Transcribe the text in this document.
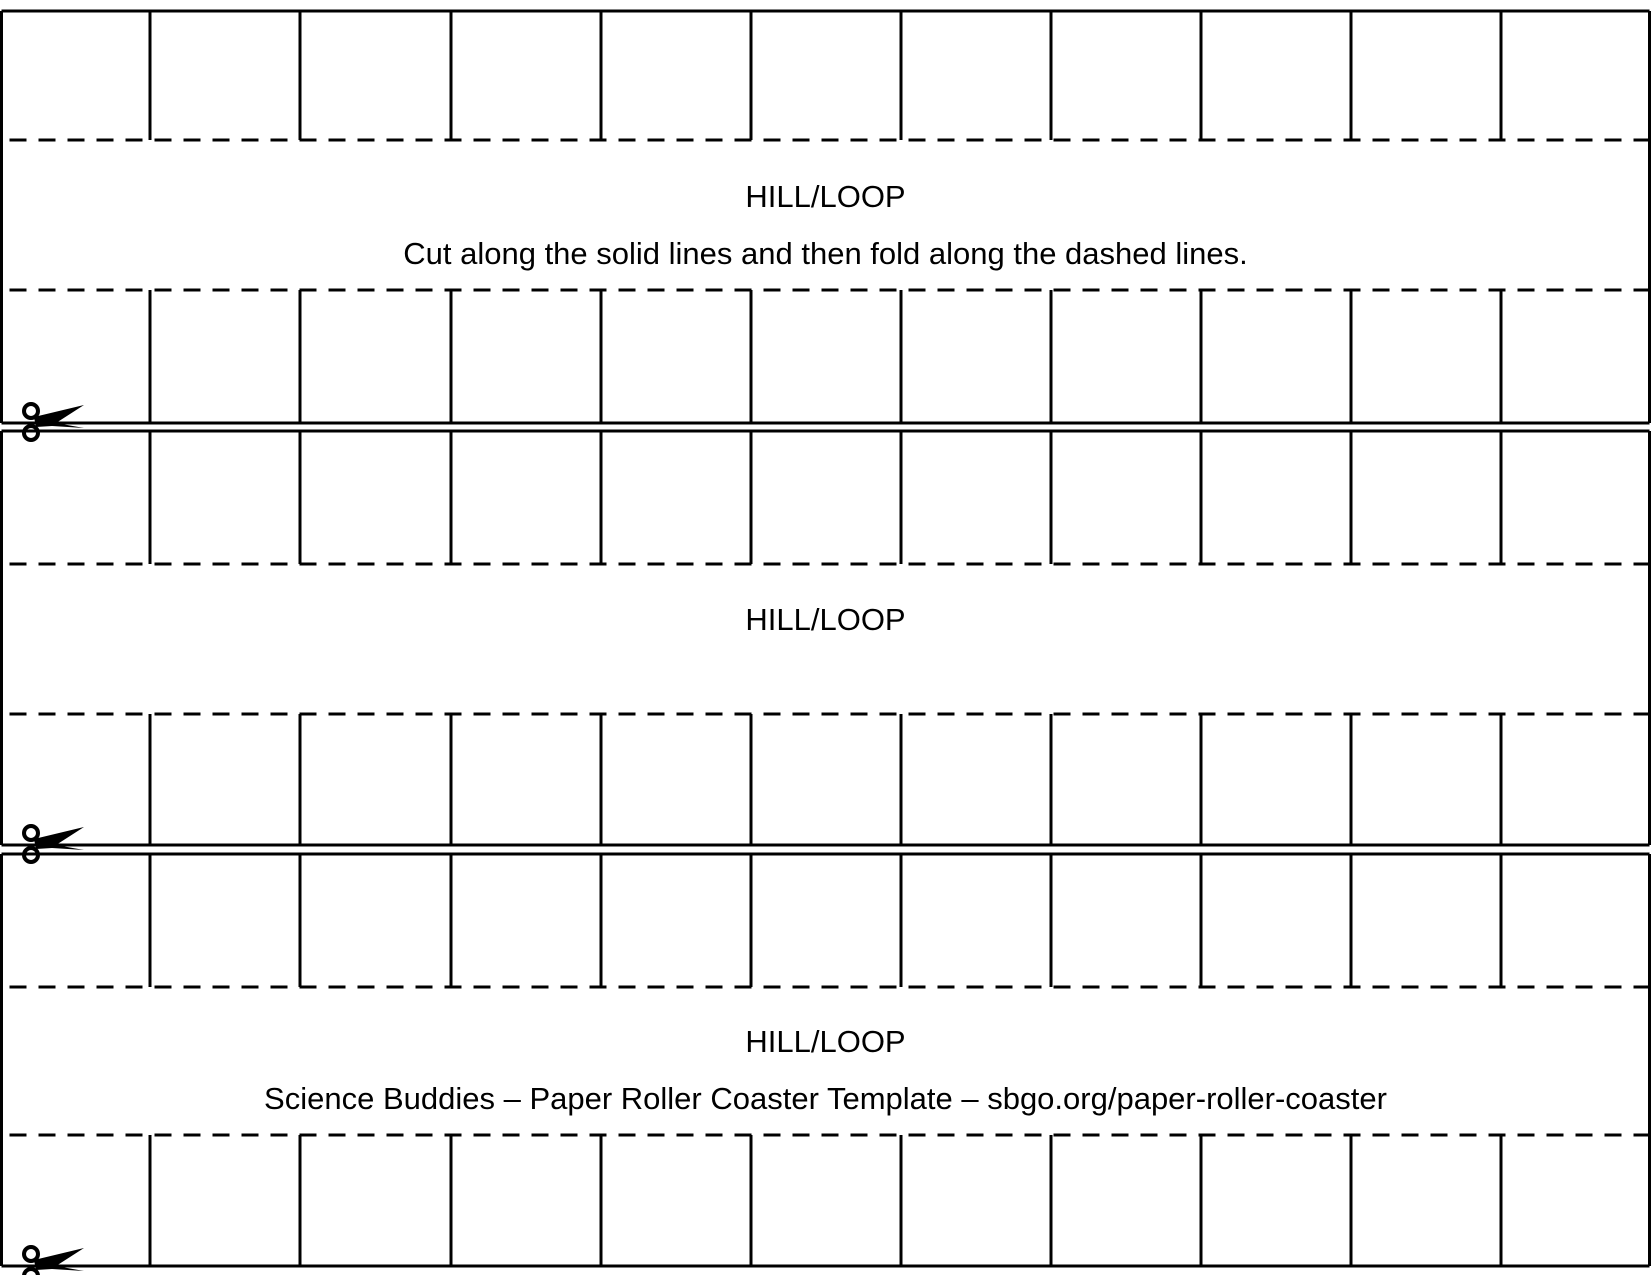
HILL/LOOP
Cut along the solid lines and then fold along the dashed lines.
HILL/LOOP
HILL/LOOP
Science Buddies – Paper Roller Coaster Template – sbgo.org/paper-roller-coaster
